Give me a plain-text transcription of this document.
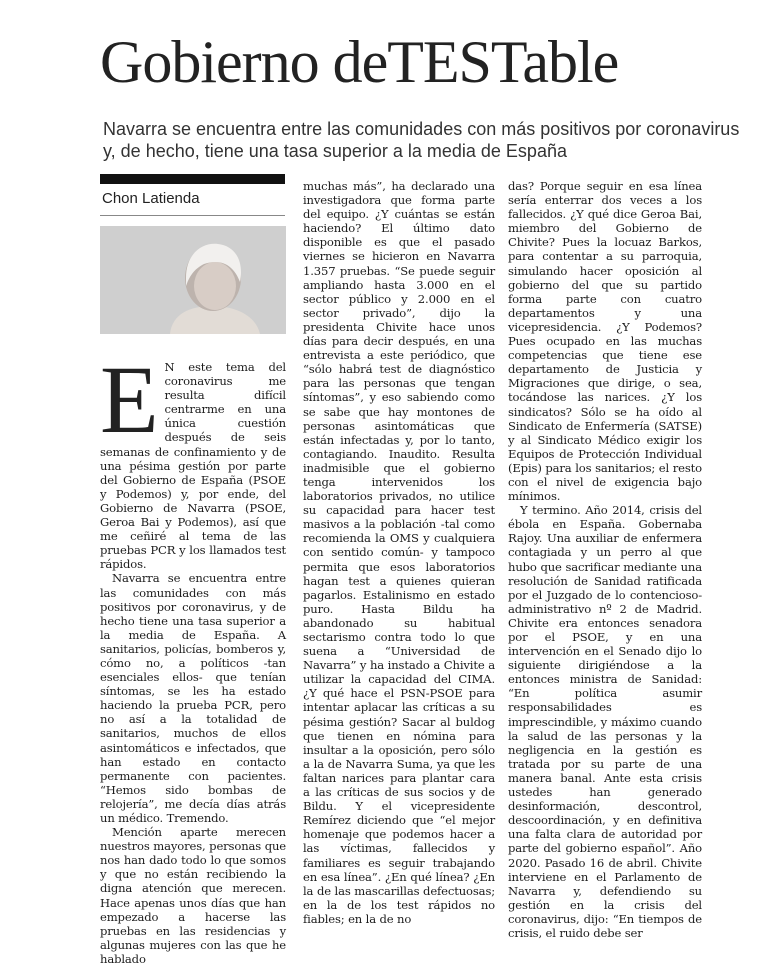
Gobierno deTESTable

Navarra se encuentra entre las comunidades con más positivos por coronavirus y, de hecho, tiene una tasa superior a la media de España

Chon Latienda
E N este tema del coronavirus me resulta difícil centrarme en una única cuestión después de seis semanas de confinamiento y de una pésima gestión por parte del Gobierno de España (PSOE y Podemos) y, por ende, del Gobierno de Navarra (PSOE, Geroa Bai y Podemos), así que me ceñiré al tema de las pruebas PCR y los llamados test rápidos.

Navarra se encuentra entre las comunidades con más positivos por coronavirus, y de hecho tiene una tasa superior a la media de España. A sanitarios, policías, bomberos y, cómo no, a políticos -tan esenciales ellos- que tenían síntomas, se les ha estado haciendo la prueba PCR, pero no así a la totalidad de sanitarios, muchos de ellos asintomáticos e infectados, que han estado en contacto permanente con pacientes. “Hemos sido bombas de relojería”, me decía días atrás un médico. Tremendo.

Mención aparte merecen nuestros mayores, personas que nos han dado todo lo que somos y que no están recibiendo la digna atención que merecen. Hace apenas unos días que han empezado a hacerse las pruebas en las residencias y algunas mujeres con las que he hablado

muchas más”, ha declarado una investigadora que forma parte del equipo. ¿Y cuántas se están haciendo? El último dato disponible es que el pasado viernes se hicieron en Navarra 1.357 pruebas. “Se puede seguir ampliando hasta 3.000 en el sector público y 2.000 en el sector privado”, dijo la presidenta Chivite hace unos días para decir después, en una entrevista a este periódico, que “sólo habrá test de diagnóstico para las personas que tengan síntomas”, y eso sabiendo como se sabe que hay montones de personas asintomáticas que están infectadas y, por lo tanto, contagiando. Inaudito. Resulta inadmisible que el gobierno tenga intervenidos los laboratorios privados, no utilice su capacidad para hacer test masivos a la población -tal como recomienda la OMS y cualquiera con sentido común- y tampoco permita que esos laboratorios hagan test a quienes quieran pagarlos. Estalinismo en estado puro. Hasta Bildu ha abandonado su habitual sectarismo contra todo lo que suena a “Universidad de Navarra” y ha instado a Chivite a utilizar la capacidad del CIMA. ¿Y qué hace el PSN-PSOE para intentar aplacar las críticas a su pésima gestión? Sacar al buldog que tienen en nómina para insultar a la oposición, pero sólo a la de Navarra Suma, ya que les faltan narices para plantar cara a las críticas de sus socios y de Bildu. Y el vicepresidente Remírez diciendo que “el mejor homenaje que podemos hacer a las víctimas, fallecidos y familiares es seguir trabajando en esa línea”. ¿En qué línea? ¿En la de las mascarillas defectuosas; en la de los test rápidos no fiables; en la de no

das? Porque seguir en esa línea sería enterrar dos veces a los fallecidos. ¿Y qué dice Geroa Bai, miembro del Gobierno de Chivite? Pues la locuaz Barkos, para contentar a su parroquia, simulando hacer oposición al gobierno del que su partido forma parte con cuatro departamentos y una vicepresidencia. ¿Y Podemos? Pues ocupado en las muchas competencias que tiene ese departamento de Justicia y Migraciones que dirige, o sea, tocándose las narices. ¿Y los sindicatos? Sólo se ha oído al Sindicato de Enfermería (SATSE) y al Sindicato Médico exigir los Equipos de Protección Individual (Epis) para los sanitarios; el resto con el nivel de exigencia bajo mínimos.

Y termino. Año 2014, crisis del ébola en España. Gobernaba Rajoy. Una auxiliar de enfermera contagiada y un perro al que hubo que sacrificar mediante una resolución de Sanidad ratificada por el Juzgado de lo contencioso-administrativo nº 2 de Madrid. Chivite era entonces senadora por el PSOE, y en una intervención en el Senado dijo lo siguiente dirigiéndose a la entonces ministra de Sanidad: “En política asumir responsabilidades es imprescindible, y máximo cuando la salud de las personas y la negligencia en la gestión es tratada por su parte de una manera banal. Ante esta crisis ustedes han generado desinformación, descontrol, descoordinación, y en definitiva una falta clara de autoridad por parte del gobierno español”. Año 2020. Pasado 16 de abril. Chivite interviene en el Parlamento de Navarra y, defendiendo su gestión en la crisis del coronavirus, dijo: “En tiempos de crisis, el ruido debe ser
